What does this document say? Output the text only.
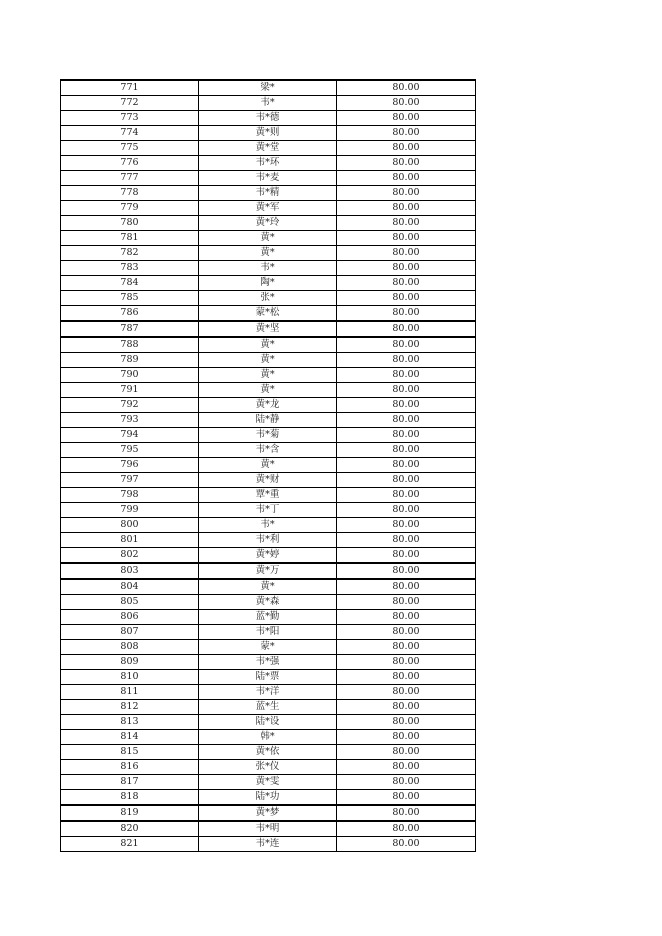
771	梁*	80.00
772	韦*	80.00
773	韦*德	80.00
774	黄*则	80.00
775	黄*堂	80.00
776	韦*环	80.00
777	韦*麦	80.00
778	韦*精	80.00
779	黄*军	80.00
780	黄*玲	80.00
781	黄*	80.00
782	黄*	80.00
783	韦*	80.00
784	陶*	80.00
785	张*	80.00
786	蒙*松	80.00
787	黄*坚	80.00
788	黄*	80.00
789	黄*	80.00
790	黄*	80.00
791	黄*	80.00
792	黄*龙	80.00
793	陆*静	80.00
794	韦*菊	80.00
795	韦*含	80.00
796	黄*	80.00
797	黄*财	80.00
798	覃*重	80.00
799	韦*丁	80.00
800	韦*	80.00
801	韦*利	80.00
802	黄*婷	80.00
803	黄*万	80.00
804	黄*	80.00
805	黄*森	80.00
806	蓝*勤	80.00
807	韦*阳	80.00
808	蒙*	80.00
809	韦*强	80.00
810	陆*票	80.00
811	韦*洋	80.00
812	蓝*生	80.00
813	陆*设	80.00
814	韩*	80.00
815	黄*依	80.00
816	张*仪	80.00
817	黄*雯	80.00
818	陆*功	80.00
819	黄*梦	80.00
820	韦*明	80.00
821	韦*连	80.00
